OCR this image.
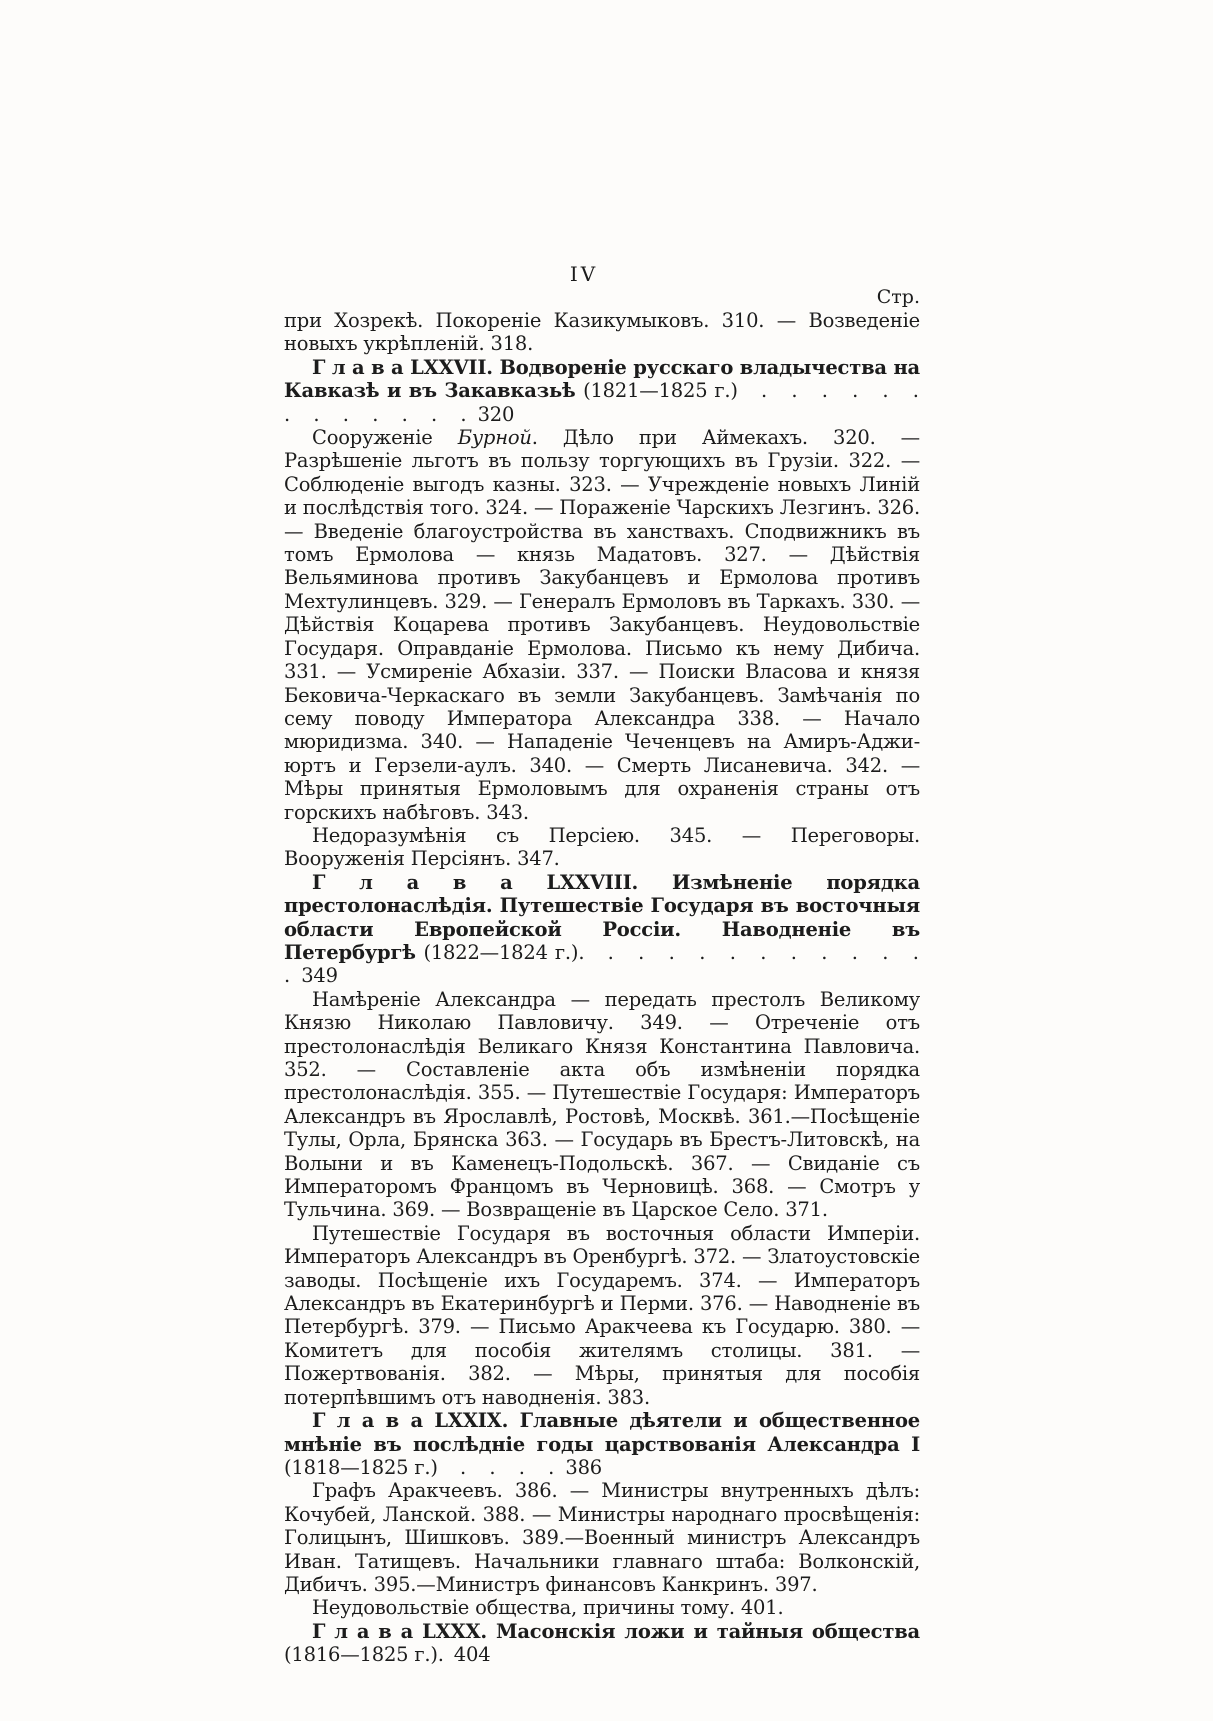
IV
Стр.

при Хозрекѣ. Покореніе Казикумыковъ. 310. — Возведеніе новыхъ укрѣпленій. 318.

Г л а в а LXXVII. Водвореніе русскаго владычества на Кавказѣ и въ Закавказьѣ (1821—1825 г.) . . . . . . . . . . . . . 320

Сооруженіе Бурной. Дѣло при Аймекахъ. 320. — Разрѣшеніе льготъ въ пользу торгующихъ въ Грузіи. 322. — Соблюденіе выгодъ казны. 323. — Учрежденіе новыхъ Линій и послѣдствія того. 324. — Пораженіе Чарскихъ Лезгинъ. 326. — Введеніе благоустройства въ ханствахъ. Сподвижникъ въ томъ Ермолова — князь Мадатовъ. 327. — Дѣйствія Вельяминова противъ Закубанцевъ и Ермолова противъ Мехтулинцевъ. 329. — Генералъ Ермоловъ въ Таркахъ. 330. — Дѣйствія Коцарева противъ Закубанцевъ. Неудовольствіе Государя. Оправданіе Ермолова. Письмо къ нему Дибича. 331. — Усмиреніе Абхазіи. 337. — Поиски Власова и князя Бековича-Черкаскаго въ земли Закубанцевъ. Замѣчанія по сему поводу Императора Александра 338. — Начало мюридизма. 340. — Нападеніе Чеченцевъ на Амиръ-Аджи-юртъ и Герзели-аулъ. 340. — Смерть Лисаневича. 342. — Мѣры принятыя Ермоловымъ для охраненія страны отъ горскихъ набѣговъ. 343.

Недоразумѣнія съ Персіею. 345. — Переговоры. Вооруженія Персіянъ. 347.

Г л а в а LXXVIII. Измѣненіе порядка престолонаслѣдія. Путешествіе Государя въ восточныя области Европейской Россіи. Наводненіе въ Петербургѣ (1822—1824 г.). . . . . . . . . . . . . 349

Намѣреніе Александра — передать престолъ Великому Князю Николаю Павловичу. 349. — Отреченіе отъ престолонаслѣдія Великаго Князя Константина Павловича. 352. — Составленіе акта объ измѣненіи порядка престолонаслѣдія. 355. — Путешествіе Государя: Императоръ Александръ въ Ярославлѣ, Ростовѣ, Москвѣ. 361.—Посѣщеніе Тулы, Орла, Брянска 363. — Государь въ Брестъ-Литовскѣ, на Волыни и въ Каменецъ-Подольскѣ. 367. — Свиданіе съ Императоромъ Францомъ въ Черновицѣ. 368. — Смотръ у Тульчина. 369. — Возвращеніе въ Царское Село. 371.

Путешествіе Государя въ восточныя области Имперіи. Императоръ Александръ въ Оренбургѣ. 372. — Златоустовскіе заводы. Посѣщеніе ихъ Государемъ. 374. — Императоръ Александръ въ Екатеринбургѣ и Перми. 376. — Наводненіе въ Петербургѣ. 379. — Письмо Аракчеева къ Государю. 380. — Комитетъ для пособія жителямъ столицы. 381. — Пожертвованія. 382. — Мѣры, принятыя для пособія потерпѣвшимъ отъ наводненія. 383.

Г л а в а LXXIX. Главные дѣятели и общественное мнѣніе въ послѣдніе годы царствованія Александра I (1818—1825 г.) . . . . 386

Графъ Аракчеевъ. 386. — Министры внутренныхъ дѣлъ: Кочубей, Ланской. 388. — Министры народнаго просвѣщенія: Голицынъ, Шишковъ. 389.—Военный министръ Александръ Иван. Татищевъ. Начальники главнаго штаба: Волконскій, Дибичъ. 395.—Министръ финансовъ Канкринъ. 397.

Неудовольствіе общества, причины тому. 401.

Г л а в а LXXX. Масонскія ложи и тайныя общества (1816—1825 г.). 404
